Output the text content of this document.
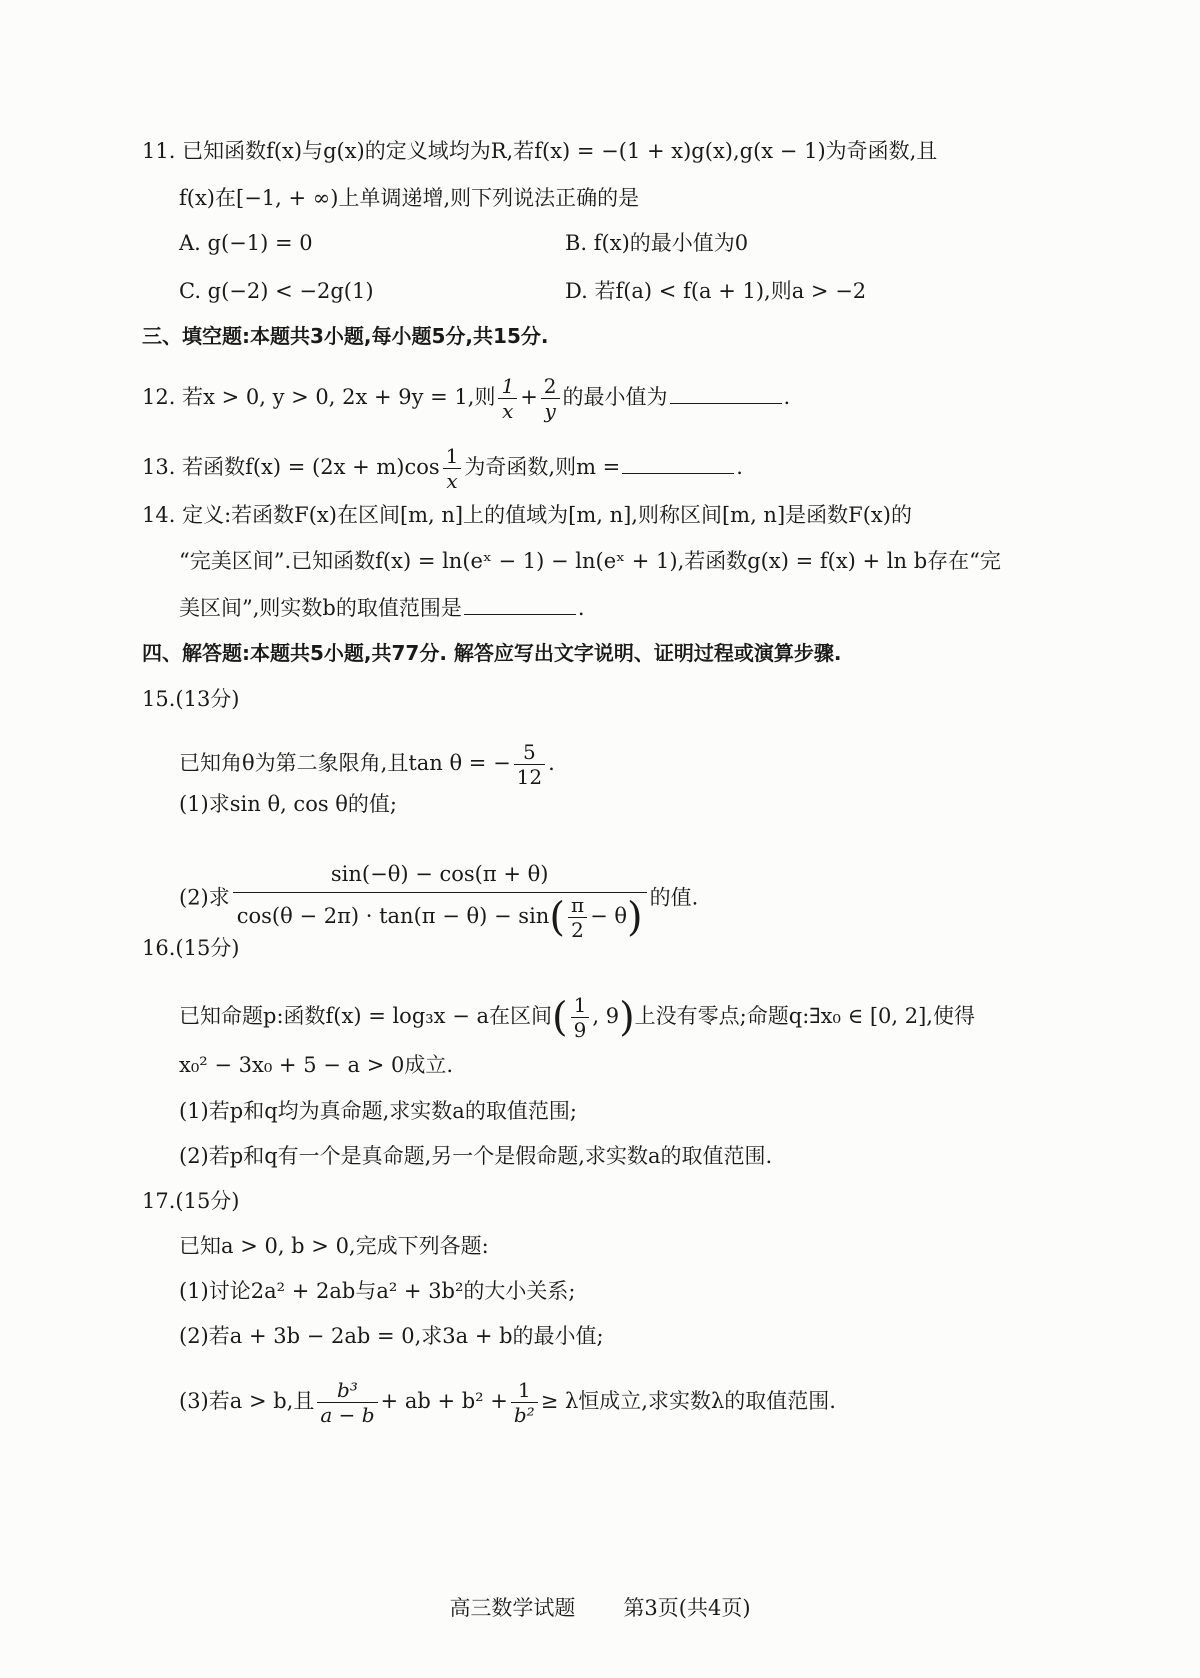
11. 已知函数f(x)与g(x)的定义域均为R,若f(x) = −(1 + x)g(x),g(x − 1)为奇函数,且
f(x)在[−1, + ∞)上单调递增,则下列说法正确的是
A. g(−1) = 0	B. f(x)的最小值为0
C. g(−2) < −2g(1)	D. 若f(a) < f(a + 1),则a > −2
三、填空题:本题共3小题,每小题5分,共15分.
12. 若x > 0, y > 0, 2x + 9y = 1,则 $\frac{1}{x} + \frac{2}{y}$ 的最小值为	.
13. 若函数$f(x) = (2x + m)\cos \frac{1}{x}$ 为奇函数,则m =	.
14. 定义:若函数F(x)在区间[m, n]上的值域为[m, n],则称区间[m, n]是函数F(x)的
“完美区间”.已知函数f(x) = ln(eˣ − 1) − ln(eˣ + 1),若函数g(x) = f(x) + ln b存在“完
美区间”,则实数b的取值范围是	.
四、解答题:本题共5小题,共77分. 解答应写出文字说明、证明过程或演算步骤.
15.(13分)
已知角θ为第二象限角,且tan θ = − $\frac{5}{12}$ .
(1)求sin θ, cos θ的值;
(2)求 $\frac{\sin(-\theta) - \cos(\pi + \theta)}{\cos(\theta - 2\pi) \cdot \tan(\pi - \theta) - \sin( \frac{\pi}{2} - \theta)}$ 的值.
16.(15分)
已知命题p:函数f(x) = log₃x − a在区间( $\frac{1}{9}$ , 9)上没有零点;命题q:∃x₀ ∈ [0, 2],使得
x₀² − 3x₀ + 5 − a > 0成立.
(1)若p和q均为真命题,求实数a的取值范围;
(2)若p和q有一个是真命题,另一个是假命题,求实数a的取值范围.
17.(15分)
已知a > 0, b > 0,完成下列各题:
(1)讨论2a² + 2ab与a² + 3b²的大小关系;
(2)若a + 3b − 2ab = 0,求3a + b的最小值;
(3)若a > b,且 $\frac{\text{b³}}{a - b}$ + ab + $b^2 + \frac{1}{\text{b²}} \ge \lambda$恒成立,求实数λ的取值范围.
高三数学试题 第3页(共4页)
